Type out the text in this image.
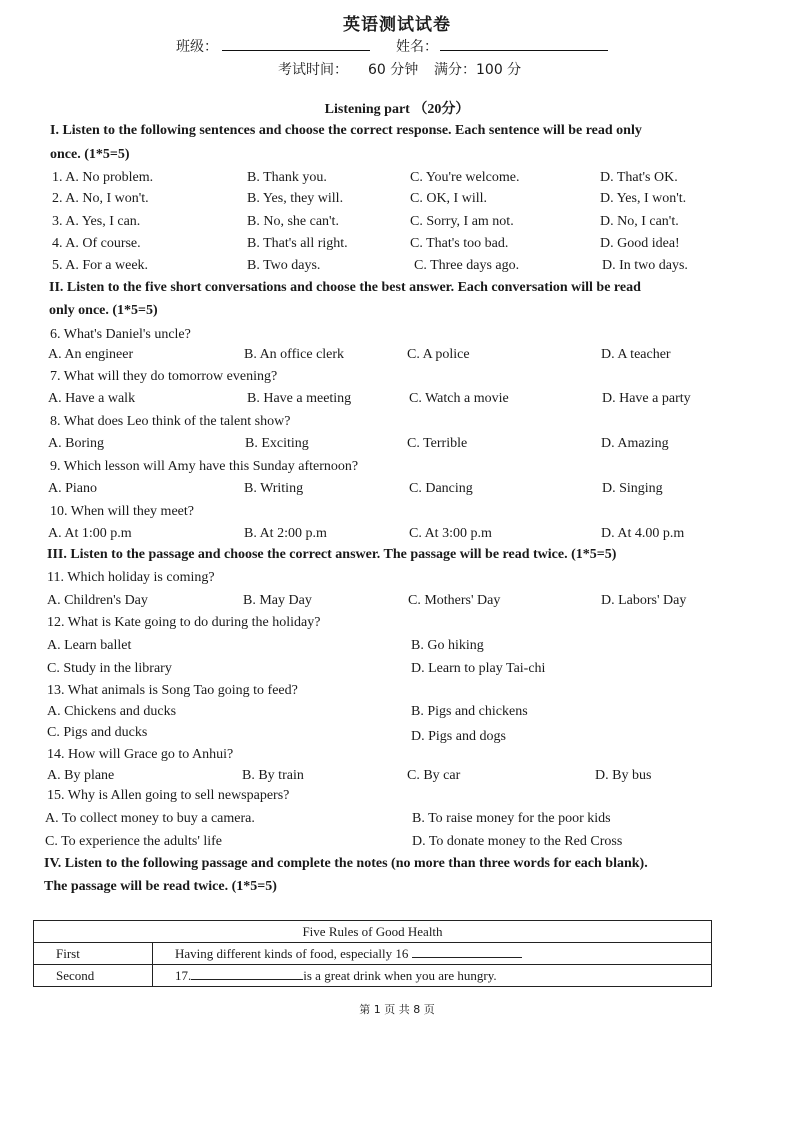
英语测试试卷
班级：	姓名：
考试时间： 60 分钟 满分：100 分
Listening part （20分）
I. Listen to the following sentences and choose the correct response. Each sentence will be read only
once. (1*5=5)
1. A. No problem.	B. Thank you.	C. You're welcome.	D. That's OK.
2. A. No, I won't.	B. Yes, they will.	C. OK, I will.	D. Yes, I won't.
3. A. Yes, I can.	B. No, she can't.	C. Sorry, I am not.	D. No, I can't.
4. A. Of course.	B. That's all right.	C. That's too bad.	D. Good idea!
5. A. For a week.	B. Two days.	C. Three days ago.	D. In two days.
II. Listen to the five short conversations and choose the best answer. Each conversation will be read
only once. (1*5=5)
6. What's Daniel's uncle?
A. An engineer	B. An office clerk	C. A police	D. A teacher
7. What will they do tomorrow evening?
A. Have a walk	B. Have a meeting	C. Watch a movie	D. Have a party
8. What does Leo think of the talent show?
A. Boring	B. Exciting	C. Terrible	D. Amazing
9. Which lesson will Amy have this Sunday afternoon?
A. Piano	B. Writing	C. Dancing	D. Singing
10. When will they meet?
A. At 1:00 p.m	B. At 2:00 p.m	C. At 3:00 p.m	D. At 4.00 p.m
III. Listen to the passage and choose the correct answer. The passage will be read twice. (1*5=5)
11. Which holiday is coming?
A. Children's Day	B. May Day	C. Mothers' Day	D. Labors' Day
12. What is Kate going to do during the holiday?
A. Learn ballet	B. Go hiking
C. Study in the library	D. Learn to play Tai-chi
13. What animals is Song Tao going to feed?
A. Chickens and ducks	B. Pigs and chickens
C. Pigs and ducks	D. Pigs and dogs
14. How will Grace go to Anhui?
A. By plane	B. By train	C. By car	D. By bus
15. Why is Allen going to sell newspapers?
A. To collect money to buy a camera.	B. To raise money for the poor kids
C. To experience the adults' life	D. To donate money to the Red Cross
IV. Listen to the following passage and complete the notes (no more than three words for each blank).
The passage will be read twice. (1*5=5)
Five Rules of Good Health	
First	Having different kinds of food, especially 16
Second	17. is a great drink when you are hungry.
第 1 页 共 8 页
